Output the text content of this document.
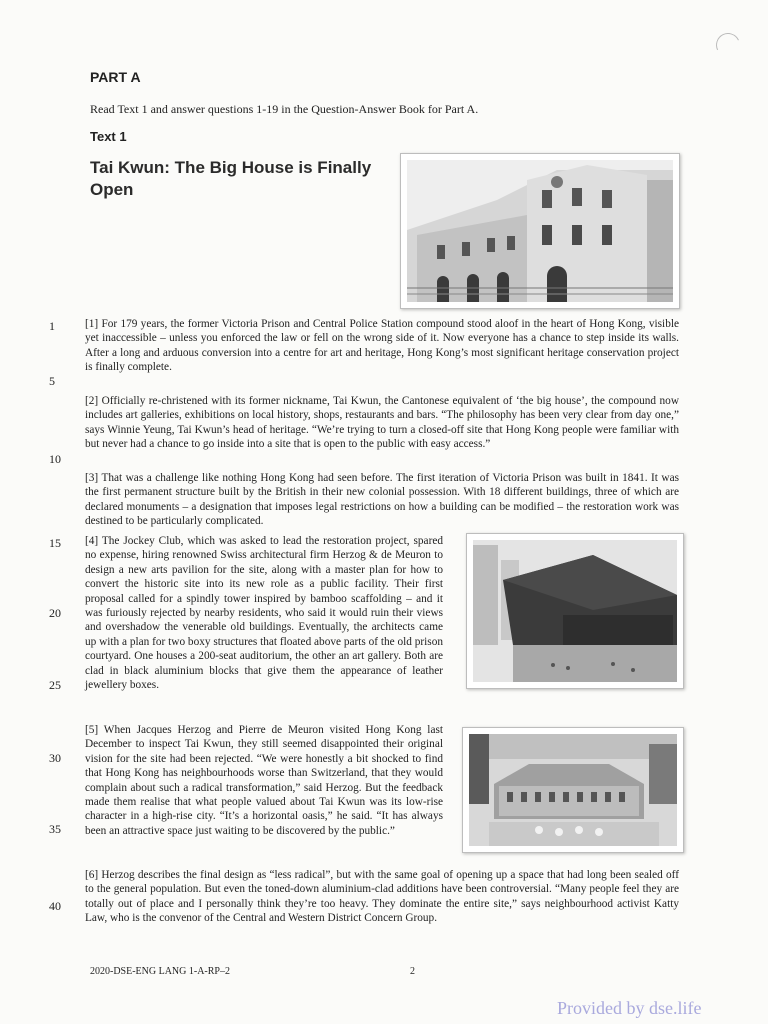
PART A
Read Text 1 and answer questions 1-19 in the Question-Answer Book for Part A.
Text 1
Tai Kwun: The Big House is Finally Open
1
5
10
15
20
25
30
35
40
[1] For 179 years, the former Victoria Prison and Central Police Station compound stood aloof in the heart of Hong Kong, visible yet inaccessible – unless you enforced the law or fell on the wrong side of it. Now everyone has a chance to step inside its walls. After a long and arduous conversion into a centre for art and heritage, Hong Kong’s most significant heritage conservation project is finally complete.
[2] Officially re-christened with its former nickname, Tai Kwun, the Cantonese equivalent of ‘the big house’, the compound now includes art galleries, exhibitions on local history, shops, restaurants and bars. “The philosophy has been very clear from day one,” says Winnie Yeung, Tai Kwun’s head of heritage. “We’re trying to turn a closed-off site that Hong Kong people were familiar with but never had a chance to go inside into a site that is open to the public with easy access.”
[3] That was a challenge like nothing Hong Kong had seen before. The first iteration of Victoria Prison was built in 1841. It was the first permanent structure built by the British in their new colonial possession. With 18 different buildings, three of which are declared monuments – a designation that imposes legal restrictions on how a building can be modified – the restoration work was destined to be particularly complicated.
[4] The Jockey Club, which was asked to lead the restoration project, spared no expense, hiring renowned Swiss architectural firm Herzog & de Meuron to design a new arts pavilion for the site, along with a master plan for how to convert the historic site into its new role as a public facility. Their first proposal called for a spindly tower inspired by bamboo scaffolding – and it was furiously rejected by nearby residents, who said it would ruin their views and overshadow the venerable old buildings. Eventually, the architects came up with a plan for two boxy structures that floated above parts of the old prison courtyard. One houses a 200-seat auditorium, the other an art gallery. Both are clad in black aluminium blocks that give them the appearance of leather jewellery boxes.
[5] When Jacques Herzog and Pierre de Meuron visited Hong Kong last December to inspect Tai Kwun, they still seemed disappointed their original vision for the site had been rejected. “We were honestly a bit shocked to find that Hong Kong has neighbourhoods worse than Switzerland, that they would complain about such a radical transformation,” said Herzog. But the feedback made them realise that what people valued about Tai Kwun was its low-rise character in a high-rise city. “It’s a horizontal oasis,” he said. “It has always been an attractive space just waiting to be discovered by the public.”
[6] Herzog describes the final design as “less radical”, but with the same goal of opening up a space that had long been sealed off to the general population. But even the toned-down aluminium-clad additions have been controversial. “Many people feel they are totally out of place and I personally think they’re too heavy. They dominate the entire site,” says neighbourhood activist Katty Law, who is the convenor of the Central and Western District Concern Group.
2020-DSE-ENG LANG 1-A-RP–2	2
Provided by dse.life
